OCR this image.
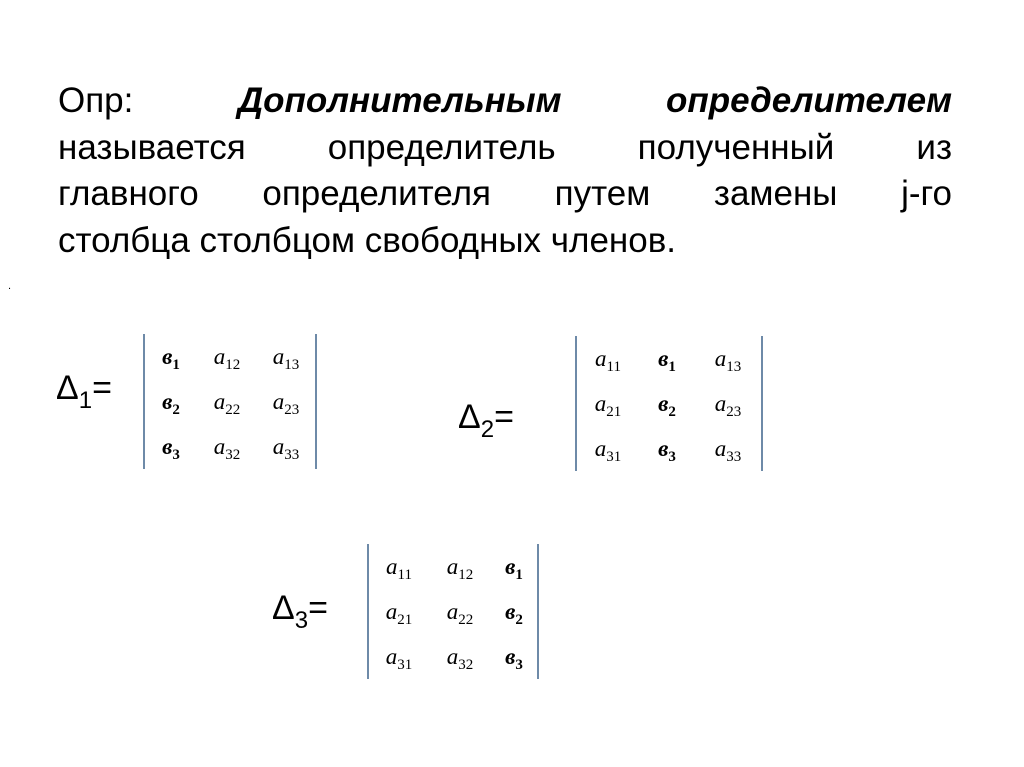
Опр:	Дополнительным	определителем
называется определитель полученный из
главного определителя путем замены j-го
столбца столбцом свободных членов.
.
$\Delta_1=$
$в_1$	$a_{12}$	$a_{13}$
$в_2$	$a_{22}$	$a_{23}$
$в_3$	$a_{32}$	$a_{33}$
$\Delta_2=$
$a_{11}$	$в_1$	$a_{13}$
$a_{21}$	$в_2$	$a_{23}$
$a_{31}$	$в_3$	$a_{33}$
$\Delta_3=$
$a_{11}$	$a_{12}$	$в_1$
$a_{21}$	$a_{22}$	$в_2$
$a_{31}$	$a_{32}$	$в_3$
